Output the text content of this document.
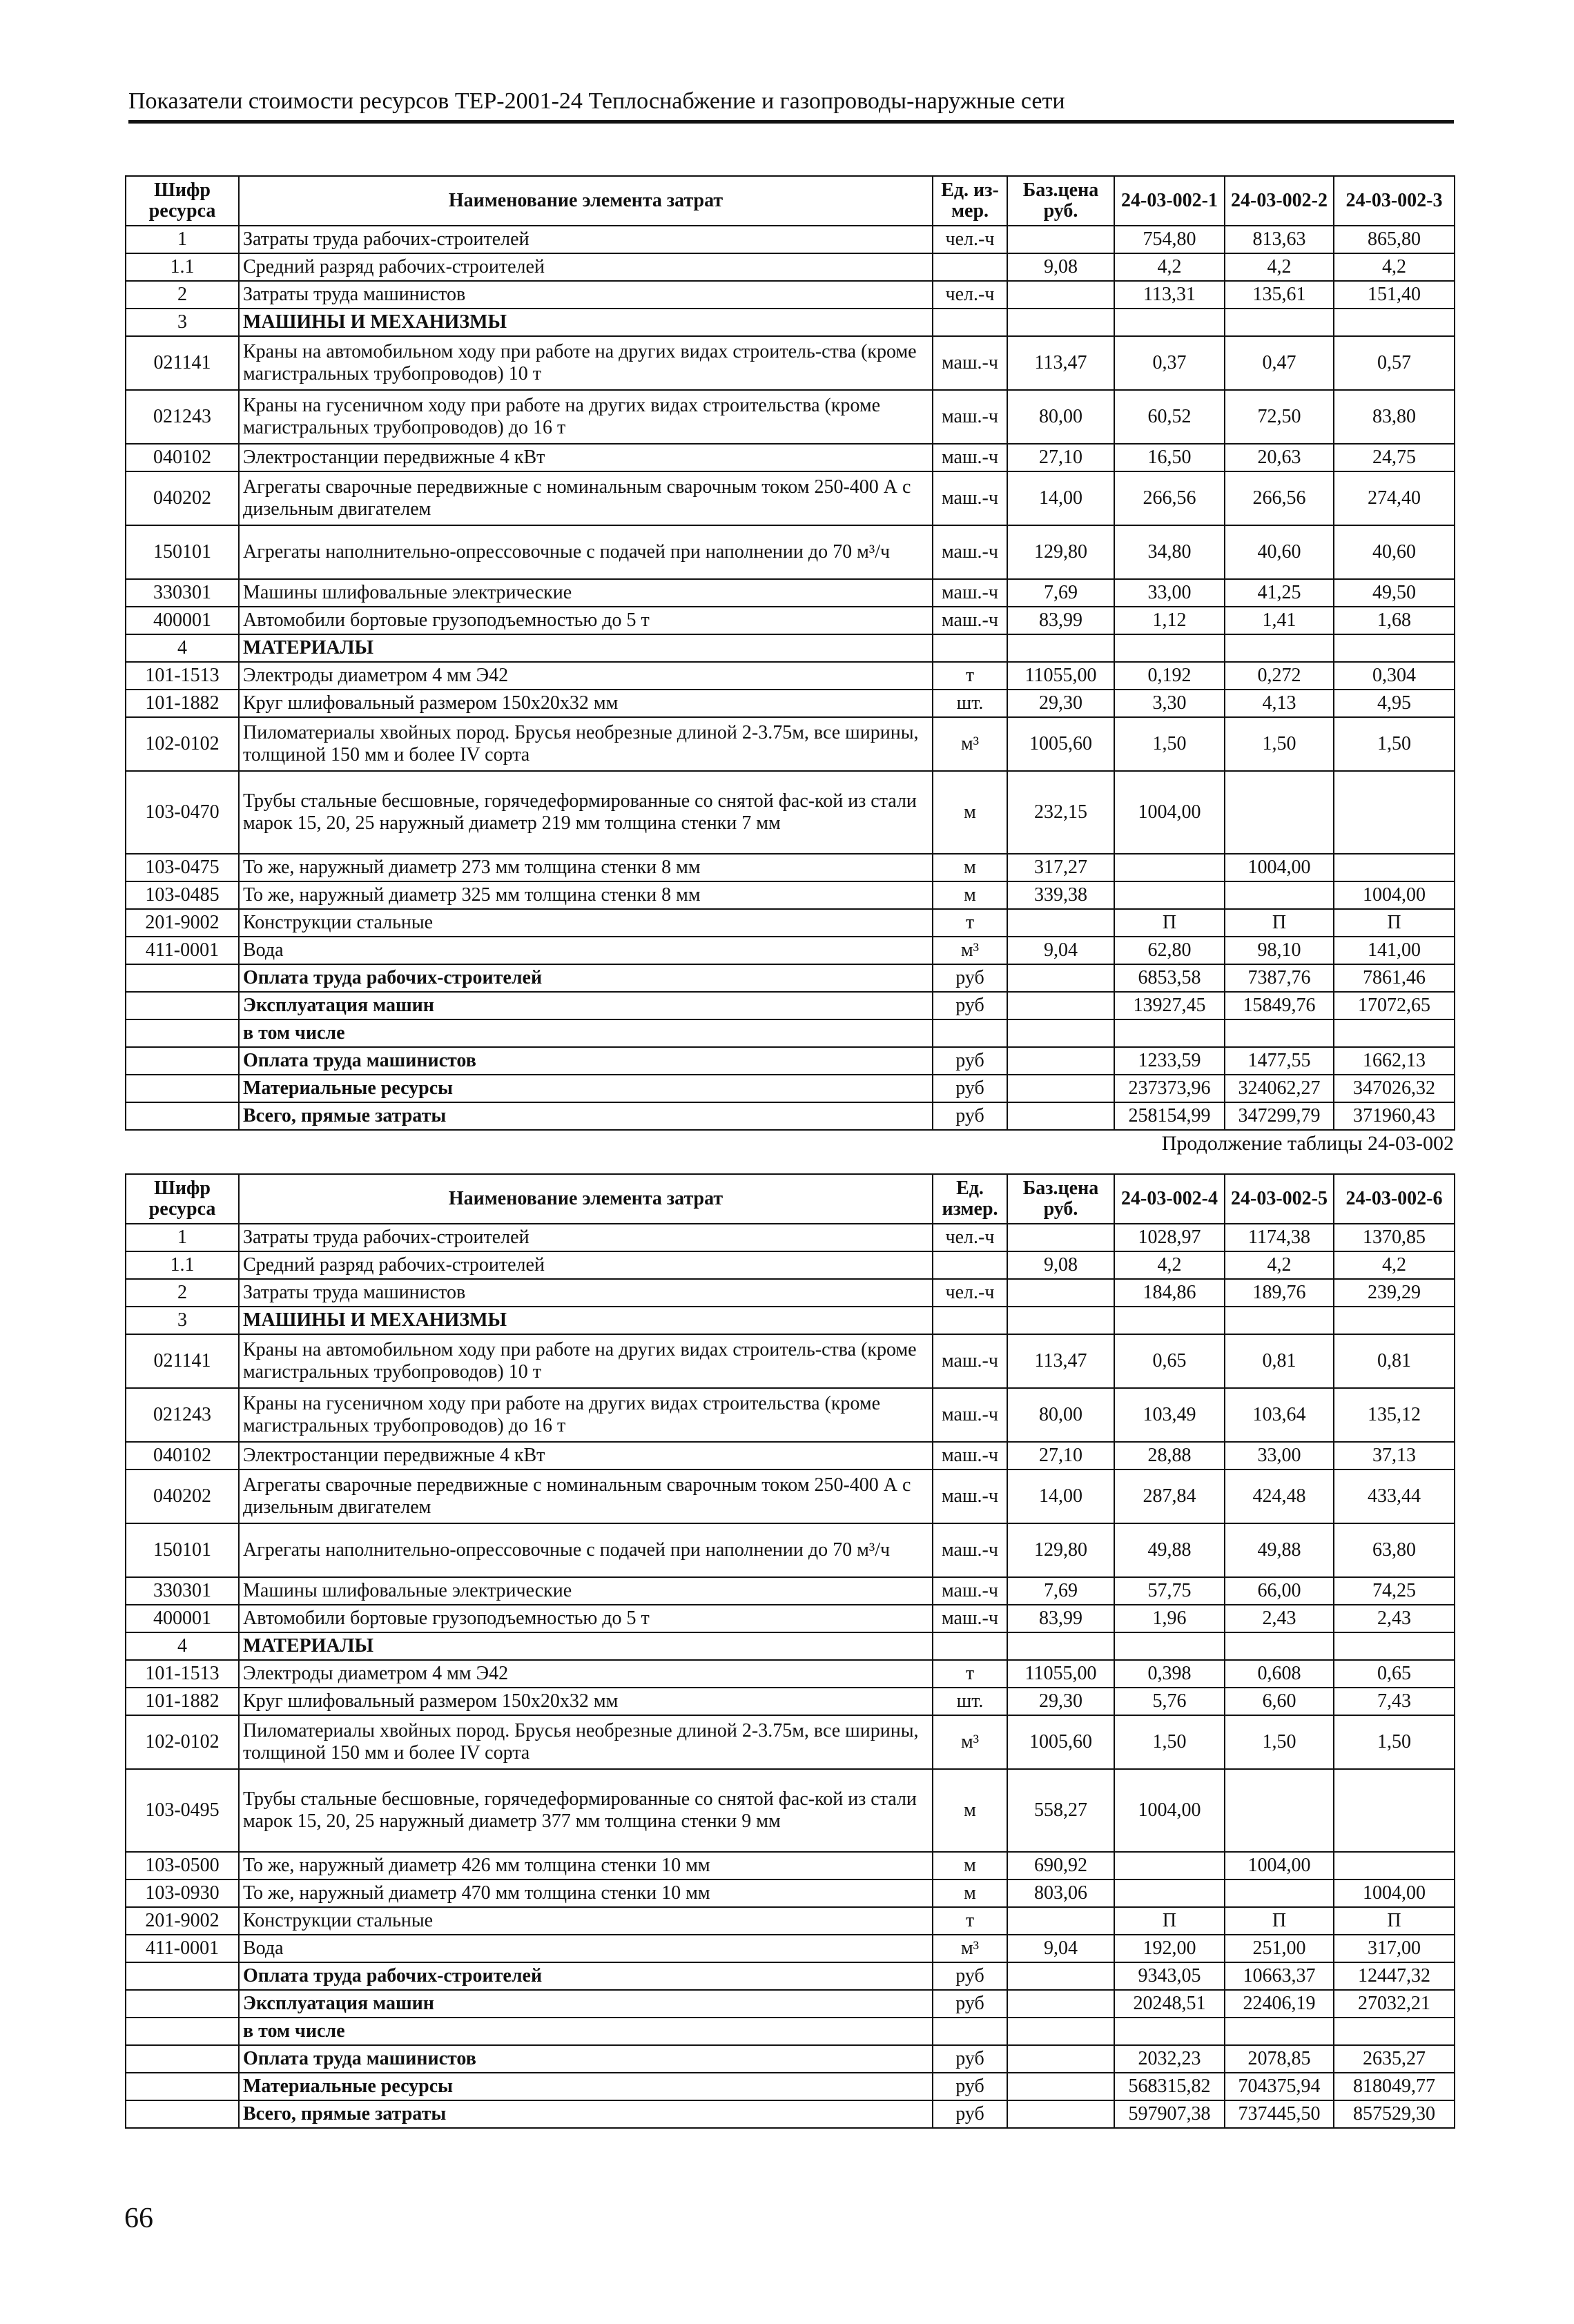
Показатели стоимости ресурсов ТЕР-2001-24 Теплоснабжение и газопроводы-наружные сети
Шифр ресурса	Наименование элемента затрат	Ед. из-мер.	Баз.цена руб.	24-03-002-1	24-03-002-2	24-03-002-3
1	Затраты труда рабочих-строителей	чел.-ч		754,80	813,63	865,80
1.1	Средний разряд рабочих-строителей		9,08	4,2	4,2	4,2
2	Затраты труда машинистов	чел.-ч		113,31	135,61	151,40
3	МАШИНЫ И МЕХАНИЗМЫ					
021141	Краны на автомобильном ходу при работе на других видах строитель-ства (кроме магистральных трубопроводов) 10 т	маш.-ч	113,47	0,37	0,47	0,57
021243	Краны на гусеничном ходу при работе на других видах строительства (кроме магистральных трубопроводов) до 16 т	маш.-ч	80,00	60,52	72,50	83,80
040102	Электростанции передвижные 4 кВт	маш.-ч	27,10	16,50	20,63	24,75
040202	Агрегаты сварочные передвижные с номинальным сварочным током 250-400 А с дизельным двигателем	маш.-ч	14,00	266,56	266,56	274,40
150101	Агрегаты наполнительно-опрессовочные с подачей при наполнении до 70 м³/ч	маш.-ч	129,80	34,80	40,60	40,60
330301	Машины шлифовальные электрические	маш.-ч	7,69	33,00	41,25	49,50
400001	Автомобили бортовые грузоподъемностью до 5 т	маш.-ч	83,99	1,12	1,41	1,68
4	МАТЕРИАЛЫ					
101-1513	Электроды диаметром 4 мм Э42	т	11055,00	0,192	0,272	0,304
101-1882	Круг шлифовальный размером 150х20х32 мм	шт.	29,30	3,30	4,13	4,95
102-0102	Пиломатериалы хвойных пород. Брусья необрезные длиной 2-3.75м, все ширины, толщиной 150 мм и более IV сорта	м³	1005,60	1,50	1,50	1,50
103-0470	Трубы стальные бесшовные, горячедеформированные со снятой фас-кой из стали марок 15, 20, 25 наружный диаметр 219 мм толщина стенки 7 мм	м	232,15	1004,00		
103-0475	То же, наружный диаметр 273 мм толщина стенки 8 мм	м	317,27		1004,00	
103-0485	То же, наружный диаметр 325 мм толщина стенки 8 мм	м	339,38			1004,00
201-9002	Конструкции стальные	т		П	П	П
411-0001	Вода	м³	9,04	62,80	98,10	141,00
	Оплата труда рабочих-строителей	руб		6853,58	7387,76	7861,46
	Эксплуатация машин	руб		13927,45	15849,76	17072,65
	в том числе					
	Оплата труда машинистов	руб		1233,59	1477,55	1662,13
	Материальные ресурсы	руб		237373,96	324062,27	347026,32
	Всего, прямые затраты	руб		258154,99	347299,79	371960,43
Продолжение таблицы 24-03-002
Шифр ресурса	Наименование элемента затрат	Ед. измер.	Баз.цена руб.	24-03-002-4	24-03-002-5	24-03-002-6
1	Затраты труда рабочих-строителей	чел.-ч		1028,97	1174,38	1370,85
1.1	Средний разряд рабочих-строителей		9,08	4,2	4,2	4,2
2	Затраты труда машинистов	чел.-ч		184,86	189,76	239,29
3	МАШИНЫ И МЕХАНИЗМЫ					
021141	Краны на автомобильном ходу при работе на других видах строитель-ства (кроме магистральных трубопроводов) 10 т	маш.-ч	113,47	0,65	0,81	0,81
021243	Краны на гусеничном ходу при работе на других видах строительства (кроме магистральных трубопроводов) до 16 т	маш.-ч	80,00	103,49	103,64	135,12
040102	Электростанции передвижные 4 кВт	маш.-ч	27,10	28,88	33,00	37,13
040202	Агрегаты сварочные передвижные с номинальным сварочным током 250-400 А с дизельным двигателем	маш.-ч	14,00	287,84	424,48	433,44
150101	Агрегаты наполнительно-опрессовочные с подачей при наполнении до 70 м³/ч	маш.-ч	129,80	49,88	49,88	63,80
330301	Машины шлифовальные электрические	маш.-ч	7,69	57,75	66,00	74,25
400001	Автомобили бортовые грузоподъемностью до 5 т	маш.-ч	83,99	1,96	2,43	2,43
4	МАТЕРИАЛЫ					
101-1513	Электроды диаметром 4 мм Э42	т	11055,00	0,398	0,608	0,65
101-1882	Круг шлифовальный размером 150х20х32 мм	шт.	29,30	5,76	6,60	7,43
102-0102	Пиломатериалы хвойных пород. Брусья необрезные длиной 2-3.75м, все ширины, толщиной 150 мм и более IV сорта	м³	1005,60	1,50	1,50	1,50
103-0495	Трубы стальные бесшовные, горячедеформированные со снятой фас-кой из стали марок 15, 20, 25 наружный диаметр 377 мм толщина стенки 9 мм	м	558,27	1004,00		
103-0500	То же, наружный диаметр 426 мм толщина стенки 10 мм	м	690,92		1004,00	
103-0930	То же, наружный диаметр 470 мм толщина стенки 10 мм	м	803,06			1004,00
201-9002	Конструкции стальные	т		П	П	П
411-0001	Вода	м³	9,04	192,00	251,00	317,00
	Оплата труда рабочих-строителей	руб		9343,05	10663,37	12447,32
	Эксплуатация машин	руб		20248,51	22406,19	27032,21
	в том числе					
	Оплата труда машинистов	руб		2032,23	2078,85	2635,27
	Материальные ресурсы	руб		568315,82	704375,94	818049,77
	Всего, прямые затраты	руб		597907,38	737445,50	857529,30
66
